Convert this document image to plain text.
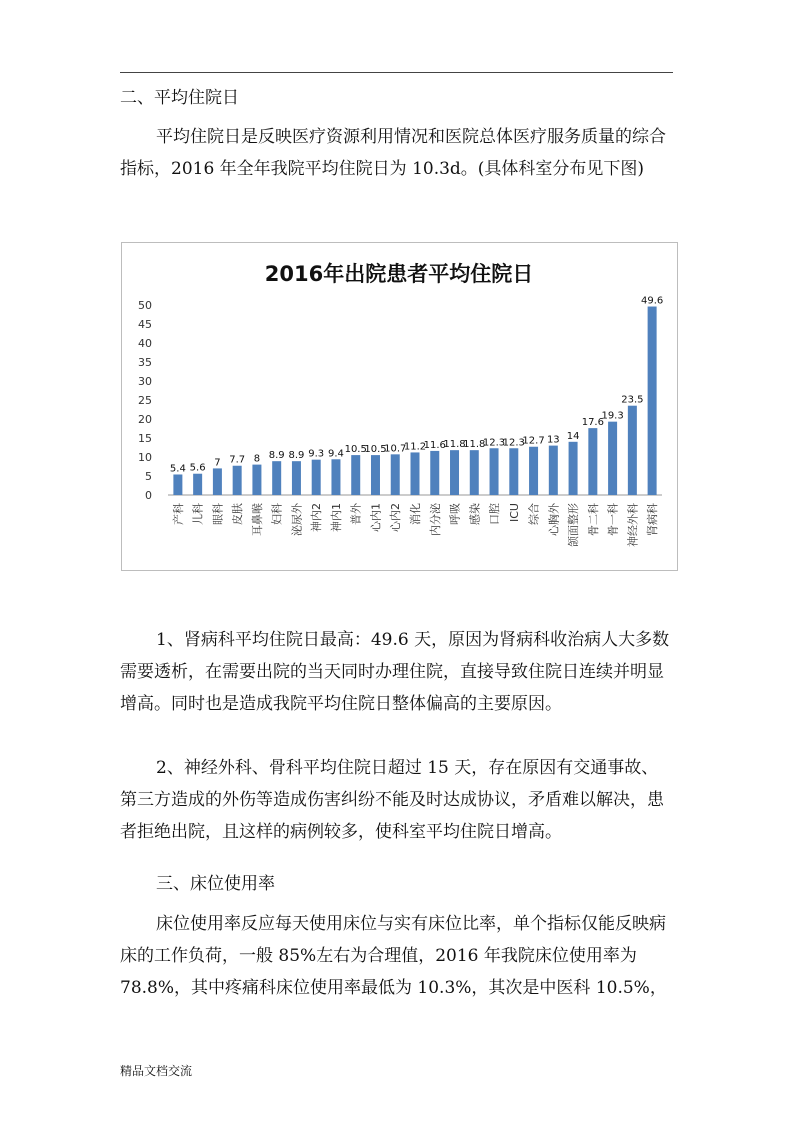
二、平均住院日
平均住院日是反映医疗资源利用情况和医院总体医疗服务质量的综合指标，2016 年全年我院平均住院日为 10.3d。(具体科室分布见下图)
2016年出院患者平均住院日
0
5
10
15
20
25
30
35
40
45
50
5.4
产科
5.6
儿科
7
眼科
7.7
皮肤
8
耳鼻喉
8.9
妇科
8.9
泌尿外
9.3
神内2
9.4
神内1
10.5
普外
10.5
心内1
10.7
心内2
11.2
消化
11.6
内分泌
11.8
呼吸
11.8
感染
12.3
口腔
12.3
ICU
12.7
综合
13
心胸外
14
颌面整形
17.6
骨二科
19.3
骨一科
23.5
神经外科
49.6
肾病科
1、肾病科平均住院日最高：49.6 天，原因为肾病科收治病人大多数需要透析，在需要出院的当天同时办理住院，直接导致住院日连续并明显增高。同时也是造成我院平均住院日整体偏高的主要原因。
2、神经外科、骨科平均住院日超过 15 天，存在原因有交通事故、第三方造成的外伤等造成伤害纠纷不能及时达成协议，矛盾难以解决，患者拒绝出院，且这样的病例较多，使科室平均住院日增高。
三、床位使用率
床位使用率反应每天使用床位与实有床位比率，单个指标仅能反映病床的工作负荷，一般 85%左右为合理值，2016 年我院床位使用率为 78.8%，其中疼痛科床位使用率最低为 10.3%，其次是中医科 10.5%，
精品文档交流
